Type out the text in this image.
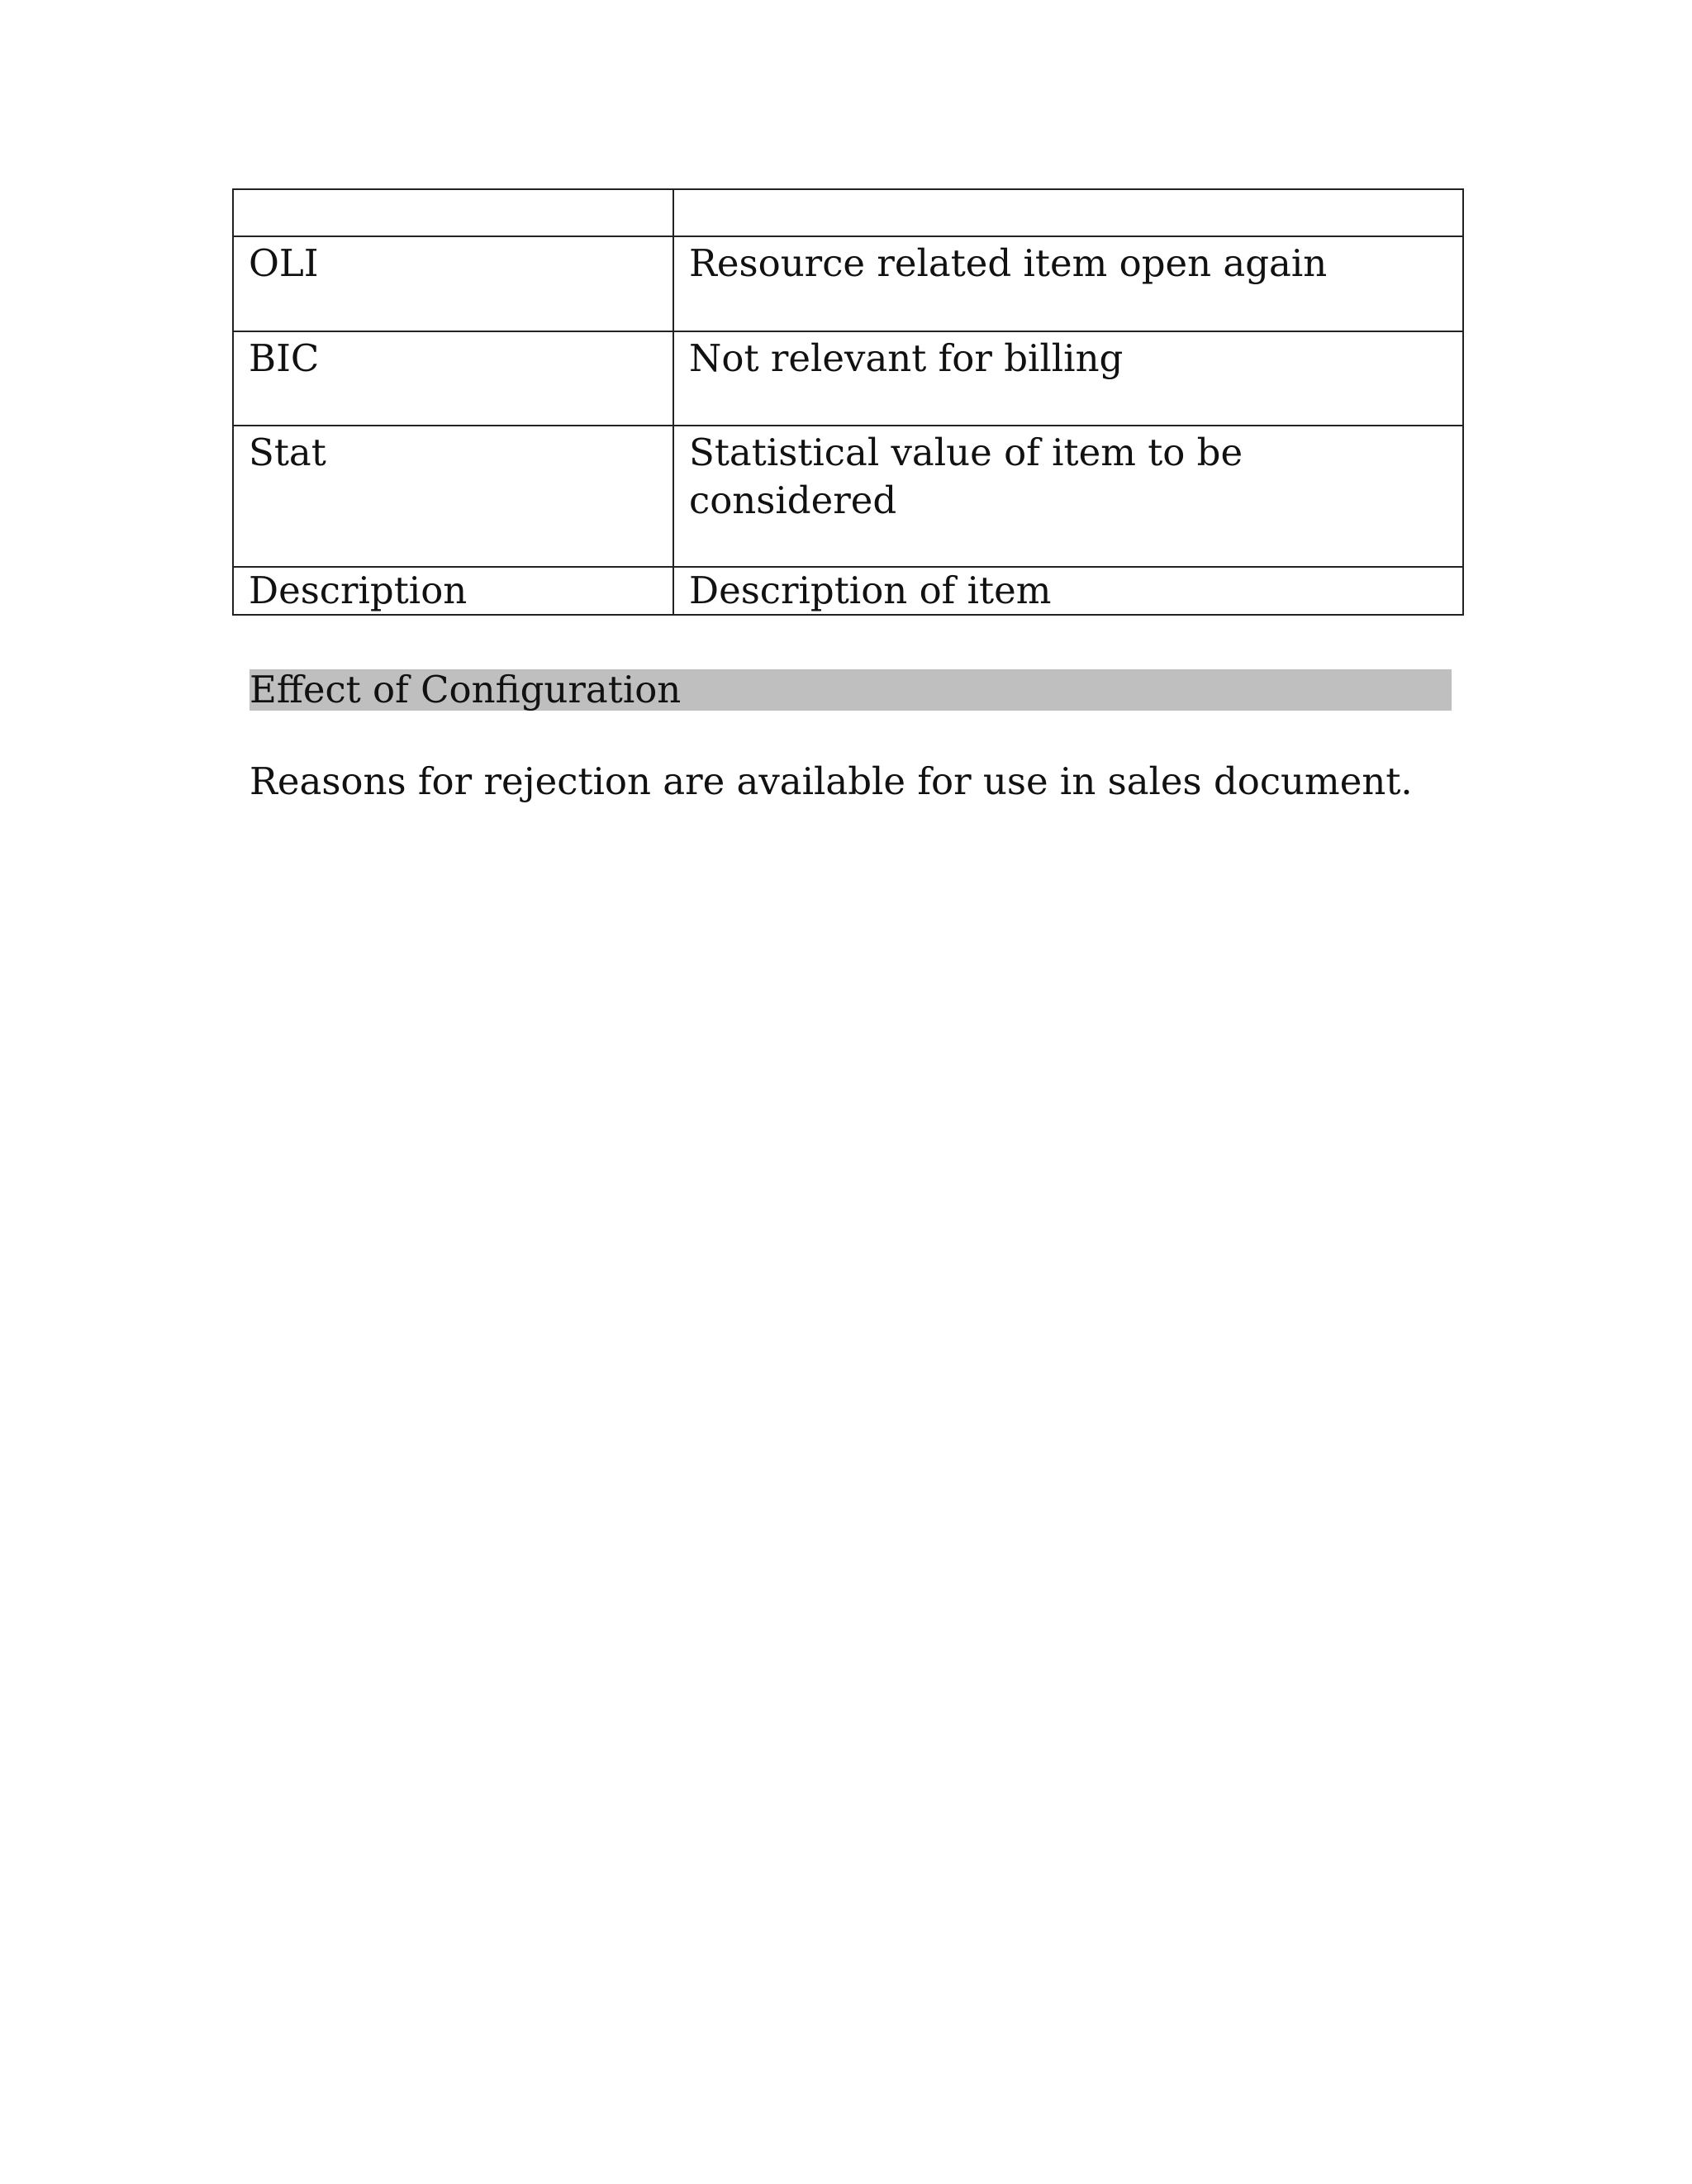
OLI	Resource related item open again
BIC	Not relevant for billing
Stat	Statistical value of item to be considered
Description	Description of item
Effect of Configuration
Reasons for rejection are available for use in sales document.
